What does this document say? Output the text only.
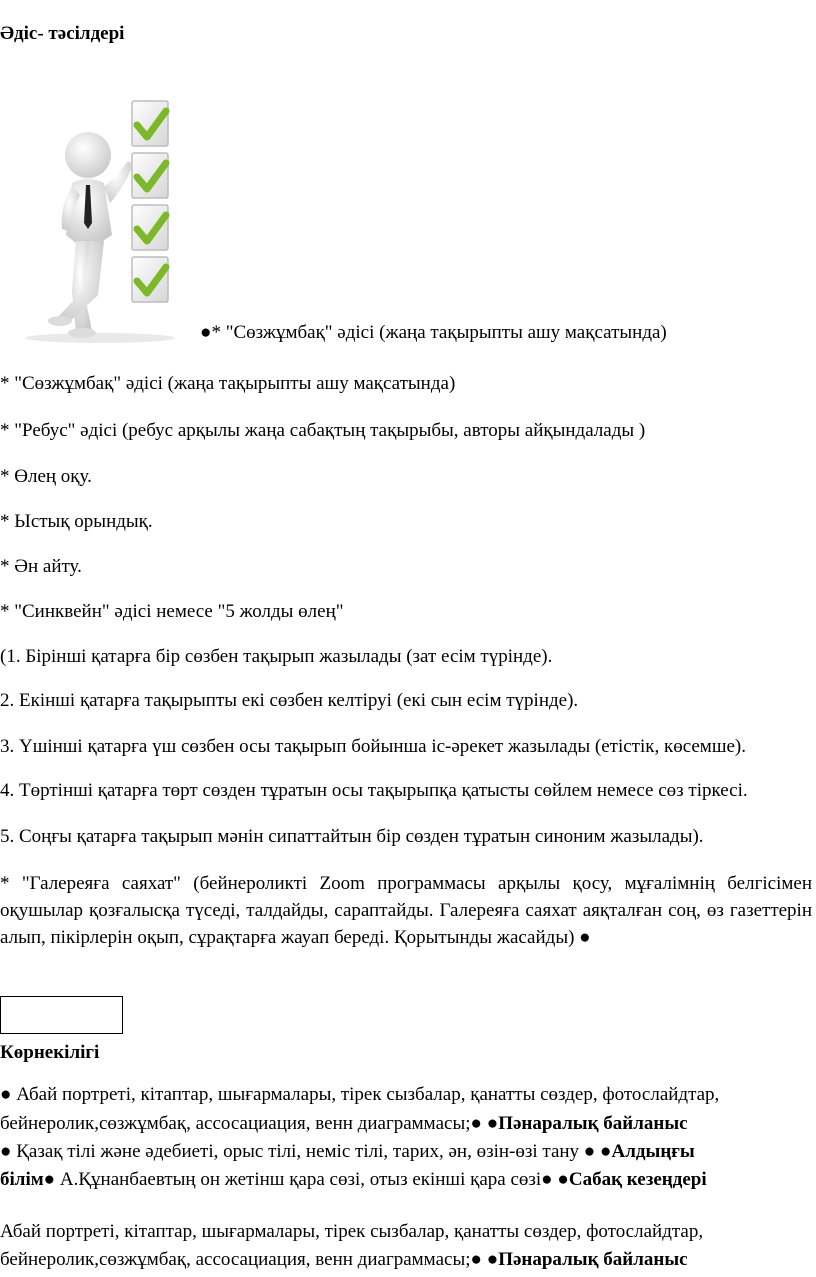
Әдіс- тәсілдері
●* "Сөзжұмбақ" әдісі (жаңа тақырыпты ашу мақсатында)
* "Сөзжұмбақ" әдісі (жаңа тақырыпты ашу мақсатында)
* "Ребус" әдісі (ребус арқылы жаңа сабақтың тақырыбы, авторы айқындалады )
* Өлең оқу.
* Ыстық орындық.
* Ән айту.
* "Синквейн" әдісі немесе "5 жолды өлең"
(1. Бірінші қатарға бір сөзбен тақырып жазылады (зат есім түрінде).
2. Екінші қатарға тақырыпты екі сөзбен келтіруі (екі сын есім түрінде).
3. Үшінші қатарға үш сөзбен осы тақырып бойынша іс-әрекет жазылады (етістік, көсемше).
4. Төртінші қатарға төрт сөзден тұратын осы тақырыпқа қатысты сөйлем немесе сөз тіркесі.
5. Соңғы қатарға тақырып мәнін сипаттайтын бір сөзден тұратын синоним жазылады).
* "Галереяға саяхат" (бейнероликті Zoom программасы арқылы қосу, мұғалімнің белгісімен оқушылар қозғалысқа түседі, талдайды, сараптайды. Галереяға саяхат аяқталған соң, өз газеттерін алып, пікірлерін оқып, сұрақтарға жауап береді. Қорытынды жасайды) ●
Көрнекілігі
● Абай портреті, кітаптар, шығармалары, тірек сызбалар, қанатты сөздер, фотослайдтар,
бейнеролик,сөзжұмбақ, ассосациация, венн диаграммасы;● ●Пәнаралық байланыс
● Қазақ тілі және әдебиеті, орыс тілі, неміс тілі, тарих, ән, өзін-өзі тану ● ●Алдыңғы
білім● А.Құнанбаевтың он жетінш қара сөзі, отыз екінші қара сөзі● ●Сабақ кезеңдері
Абай портреті, кітаптар, шығармалары, тірек сызбалар, қанатты сөздер, фотослайдтар,
бейнеролик,сөзжұмбақ, ассосациация, венн диаграммасы;● ●Пәнаралық байланыс
